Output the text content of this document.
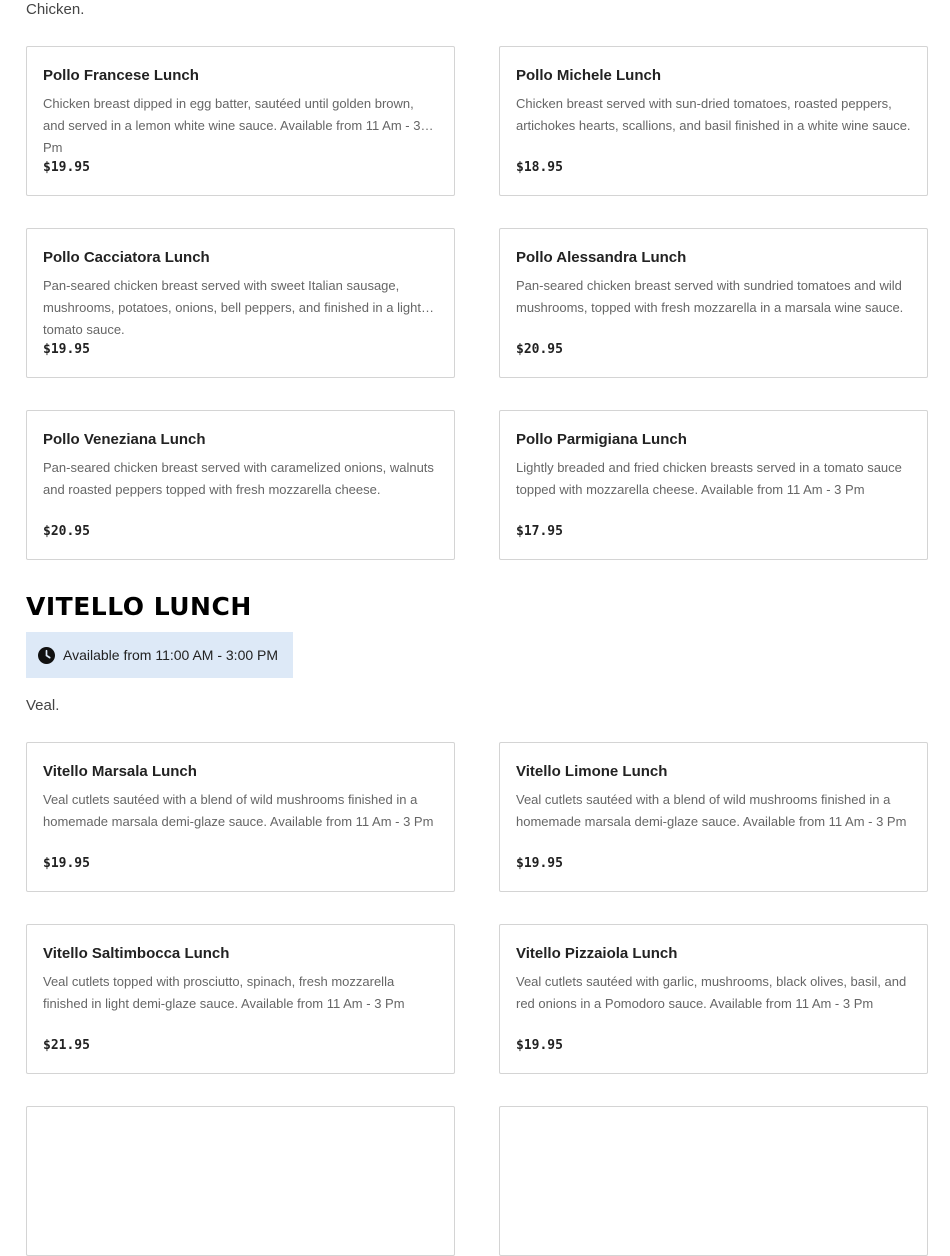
Chicken.
Pollo Francese Lunch
Chicken breast dipped in egg batter, sautéed until golden brown, and served in a lemon white wine sauce. Available from 11 Am - 3 Pm
$19.95
Pollo Michele Lunch
Chicken breast served with sun-dried tomatoes, roasted peppers, artichokes hearts, scallions, and basil finished in a white wine sauce.
$18.95
Pollo Cacciatora Lunch
Pan-seared chicken breast served with sweet Italian sausage, mushrooms, potatoes, onions, bell peppers, and finished in a light tomato sauce.
$19.95
Pollo Alessandra Lunch
Pan-seared chicken breast served with sundried tomatoes and wild mushrooms, topped with fresh mozzarella in a marsala wine sauce.
$20.95
Pollo Veneziana Lunch
Pan-seared chicken breast served with caramelized onions, walnuts and roasted peppers topped with fresh mozzarella cheese.
$20.95
Pollo Parmigiana Lunch
Lightly breaded and fried chicken breasts served in a tomato sauce topped with mozzarella cheese. Available from 11 Am - 3 Pm
$17.95
VITELLO LUNCH
Available from 11:00 AM - 3:00 PM
Veal.
Vitello Marsala Lunch
Veal cutlets sautéed with a blend of wild mushrooms finished in a homemade marsala demi-glaze sauce. Available from 11 Am - 3 Pm
$19.95
Vitello Limone Lunch
Veal cutlets sautéed with a blend of wild mushrooms finished in a homemade marsala demi-glaze sauce. Available from 11 Am - 3 Pm
$19.95
Vitello Saltimbocca Lunch
Veal cutlets topped with prosciutto, spinach, fresh mozzarella finished in light demi-glaze sauce. Available from 11 Am - 3 Pm
$21.95
Vitello Pizzaiola Lunch
Veal cutlets sautéed with garlic, mushrooms, black olives, basil, and red onions in a Pomodoro sauce. Available from 11 Am - 3 Pm
$19.95
